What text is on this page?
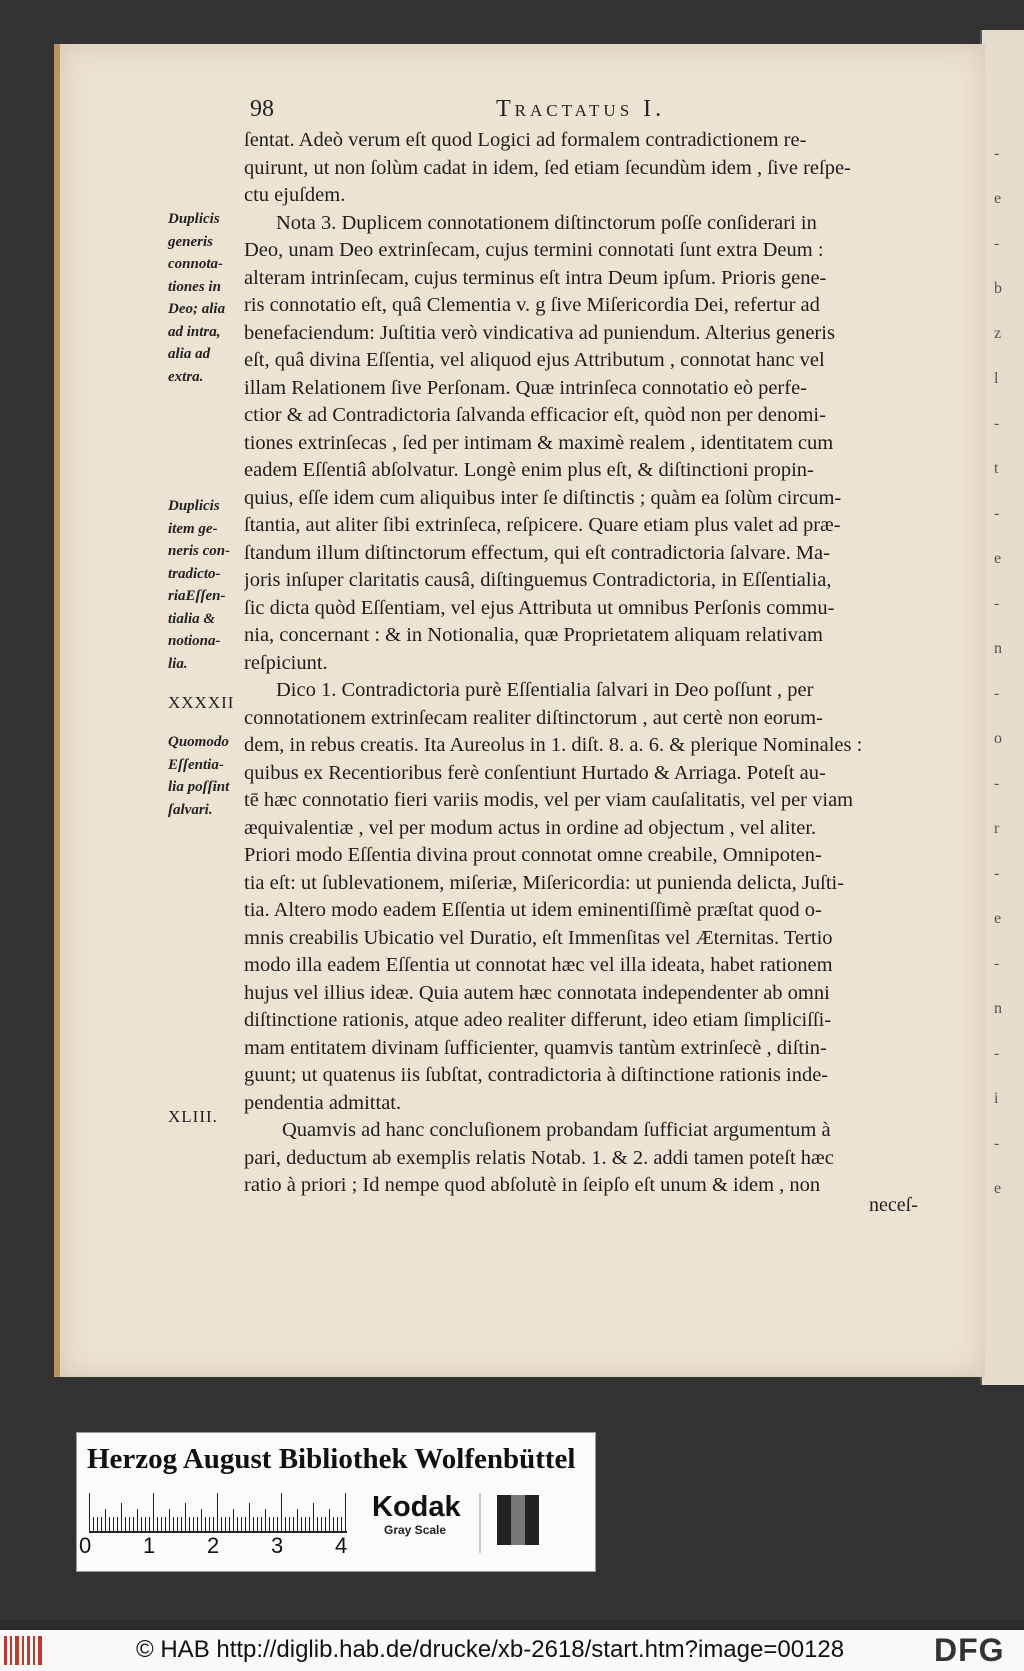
-
e
-
b
z
l
-
t
-
e
-
n
-
o
-
r
-
e
-
n
-
i
-
e
98	Tractatus I.
ſentat. Adeò verum eſt quod Logici ad formalem contradictionem re-
quirunt, ut non ſolùm cadat in idem, ſed etiam ſecundùm idem , ſive reſpe-
ctu ejuſdem.
Nota 3. Duplicem connotationem diſtinctorum poſſe conſiderari in
Deo, unam Deo extrinſecam, cujus termini connotati ſunt extra Deum :
alteram intrinſecam, cujus terminus eſt intra Deum ipſum. Prioris gene-
ris connotatio eſt, quâ Clementia v. g ſive Miſericordia Dei, refertur ad
benefaciendum: Juſtitia verò vindicativa ad puniendum. Alterius generis
eſt, quâ divina Eſſentia, vel aliquod ejus Attributum , connotat hanc vel
illam Relationem ſive Perſonam. Quæ intrinſeca connotatio eò perfe-
ctior & ad Contradictoria ſalvanda efficacior eſt, quòd non per denomi-
tiones extrinſecas , ſed per intimam & maximè realem , identitatem cum
eadem Eſſentiâ abſolvatur. Longè enim plus eſt, & diſtinctioni propin-
quius, eſſe idem cum aliquibus inter ſe diſtinctis ; quàm ea ſolùm circum-
ſtantia, aut aliter ſibi extrinſeca, reſpicere. Quare etiam plus valet ad præ-
ſtandum illum diſtinctorum effectum, qui eſt contradictoria ſalvare. Ma-
joris inſuper claritatis causâ, diſtinguemus Contradictoria, in Eſſentialia,
ſic dicta quòd Eſſentiam, vel ejus Attributa ut omnibus Perſonis commu-
nia, concernant : & in Notionalia, quæ Proprietatem aliquam relativam
reſpiciunt.
Dico 1. Contradictoria purè Eſſentialia ſalvari in Deo poſſunt , per
connotationem extrinſecam realiter diſtinctorum , aut certè non eorum-
dem, in rebus creatis. Ita Aureolus in 1. diſt. 8. a. 6. & plerique Nominales :
quibus ex Recentioribus ferè conſentiunt Hurtado & Arriaga. Poteſt au-
tē hæc connotatio fieri variis modis, vel per viam cauſalitatis, vel per viam
æquivalentiæ , vel per modum actus in ordine ad objectum , vel aliter.
Priori modo Eſſentia divina prout connotat omne creabile, Omnipoten-
tia eſt: ut ſublevationem, miſeriæ, Miſericordia: ut punienda delicta, Juſti-
tia. Altero modo eadem Eſſentia ut idem eminentiſſimè præſtat quod o-
mnis creabilis Ubicatio vel Duratio, eſt Immenſitas vel Æternitas. Tertio
modo illa eadem Eſſentia ut connotat hæc vel illa ideata, habet rationem
hujus vel illius ideæ. Quia autem hæc connotata independenter ab omni
diſtinctione rationis, atque adeo realiter differunt, ideo etiam ſimpliciſſi-
mam entitatem divinam ſufficienter, quamvis tantùm extrinſecè , diſtin-
guunt; ut quatenus iis ſubſtat, contradictoria à diſtinctione rationis inde-
pendentia admittat.
Quamvis ad hanc concluſionem probandam ſufficiat argumentum à
pari, deductum ab exemplis relatis Notab. 1. & 2. addi tamen poteſt hæc
ratio à priori ; Id nempe quod abſolutè in ſeipſo eſt unum & idem , non
Duplicis
generis
connota-
tiones in
Deo; alia
ad intra,
alia ad
extra.
Duplicis
item ge-
neris con-
tradicto-
riaEſſen-
tialia &
notiona-
lia.
Quomodo
Eſſentia-
lia poſſint
ſalvari.
XXXXII
XLIII.
neceſ-
Herzog August Bibliothek Wolfenbüttel
0 1 2 3 4
Kodak
Gray Scale
© HAB http://diglib.hab.de/drucke/xb-2618/start.htm?image=00128	DFG
